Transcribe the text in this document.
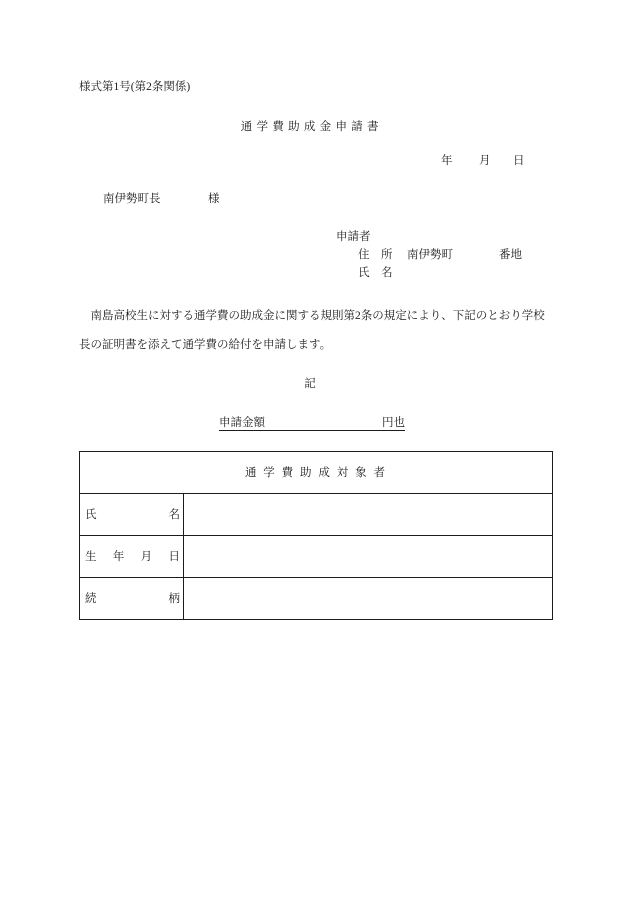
様式第1号(第2条関係)
通 学 費 助 成 金 申 請 書
年 月 日
南伊勢町長	様
申請者
住 所 南伊勢町	番地
氏 名
南島高校生に対する通学費の助成金に関する規則第2条の規定により、下記のとおり学校
長の証明書を添えて通学費の給付を申請します。
記
申請金額	円也
通 学 費 助 成 対 象 者
氏	名
生 年 月 日
続	柄
